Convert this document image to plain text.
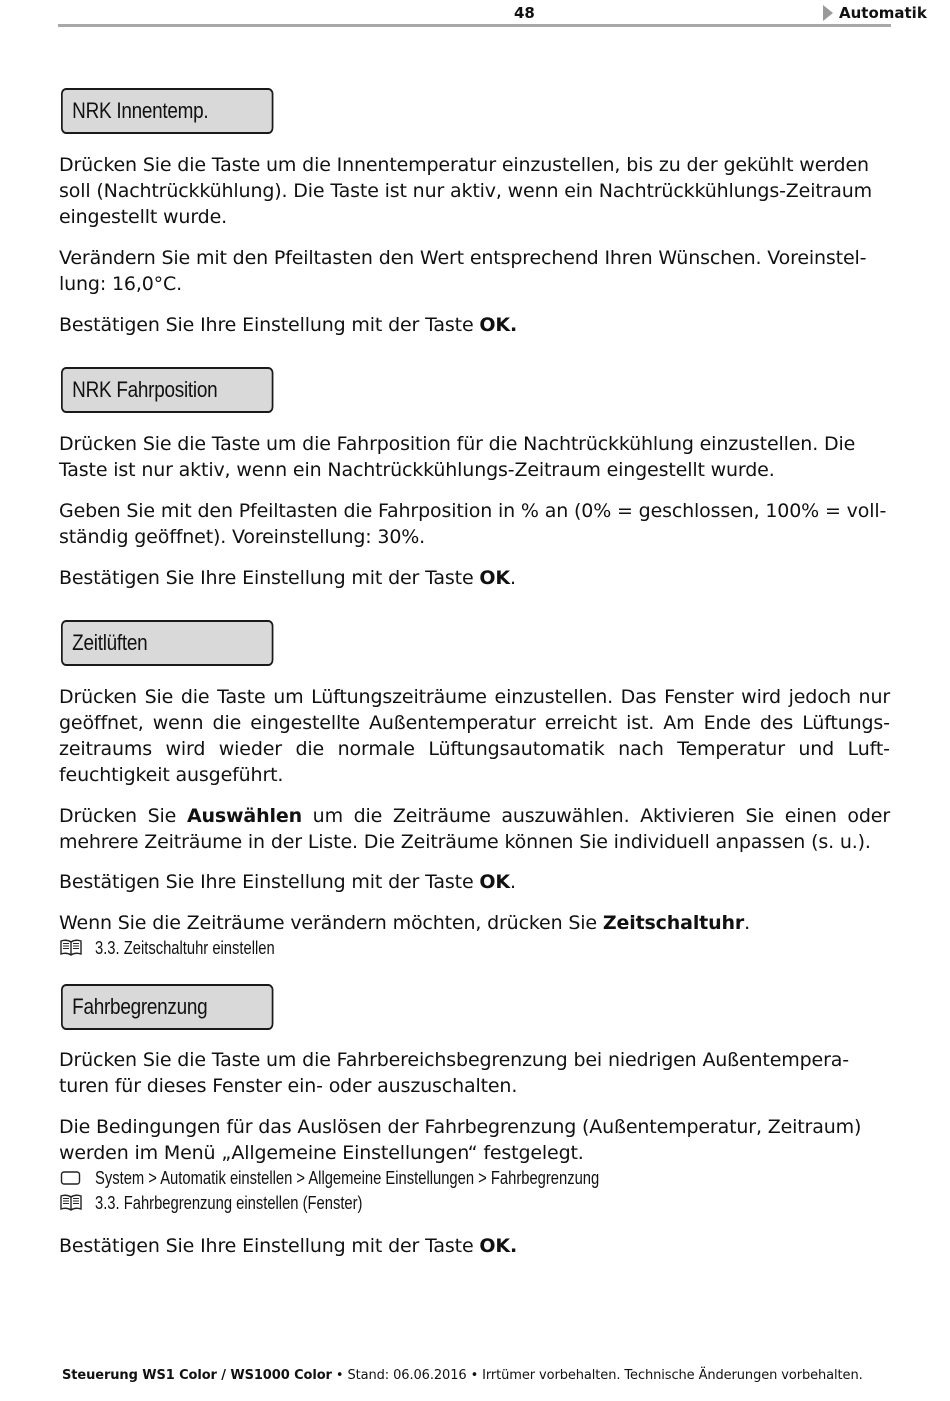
48	Automatik
NRK Innentemp.

Drücken Sie die Taste um die Innentemperatur einzustellen, bis zu der gekühlt werden soll (Nachtrückkühlung). Die Taste ist nur aktiv, wenn ein Nachtrückkühlungs-Zeitraum eingestellt wurde.

Verändern Sie mit den Pfeiltasten den Wert entsprechend Ihren Wünschen. Voreinstellung: 16,0°C.

Bestätigen Sie Ihre Einstellung mit der Taste OK.

NRK Fahrposition

Drücken Sie die Taste um die Fahrposition für die Nachtrückkühlung einzustellen. Die Taste ist nur aktiv, wenn ein Nachtrückkühlungs-Zeitraum eingestellt wurde.

Geben Sie mit den Pfeiltasten die Fahrposition in % an (0% = geschlossen, 100% = vollständig geöffnet). Voreinstellung: 30%.

Bestätigen Sie Ihre Einstellung mit der Taste OK.

Zeitlüften

Drücken Sie die Taste um Lüftungszeiträume einzustellen. Das Fenster wird jedoch nur geöffnet, wenn die eingestellte Außentemperatur erreicht ist. Am Ende des Lüftungszeitraums wird wieder die normale Lüftungsautomatik nach Temperatur und Luftfeuchtigkeit ausgeführt.

Drücken Sie Auswählen um die Zeiträume auszuwählen. Aktivieren Sie einen oder mehrere Zeiträume in der Liste. Die Zeiträume können Sie individuell anpassen (s. u.).

Bestätigen Sie Ihre Einstellung mit der Taste OK.

Wenn Sie die Zeiträume verändern möchten, drücken Sie Zeitschaltuhr.

3.3. Zeitschaltuhr einstellen
Fahrbegrenzung

Drücken Sie die Taste um die Fahrbereichsbegrenzung bei niedrigen Außentemperaturen für dieses Fenster ein- oder auszuschalten.

Die Bedingungen für das Auslösen der Fahrbegrenzung (Außentemperatur, Zeitraum) werden im Menü „Allgemeine Einstellungen“ festgelegt.

System > Automatik einstellen > Allgemeine Einstellungen > Fahrbegrenzung
3.3. Fahrbegrenzung einstellen (Fenster)

Bestätigen Sie Ihre Einstellung mit der Taste OK.

Steuerung WS1 Color / WS1000 Color • Stand: 06.06.2016 • Irrtümer vorbehalten. Technische Änderungen vorbehalten.
